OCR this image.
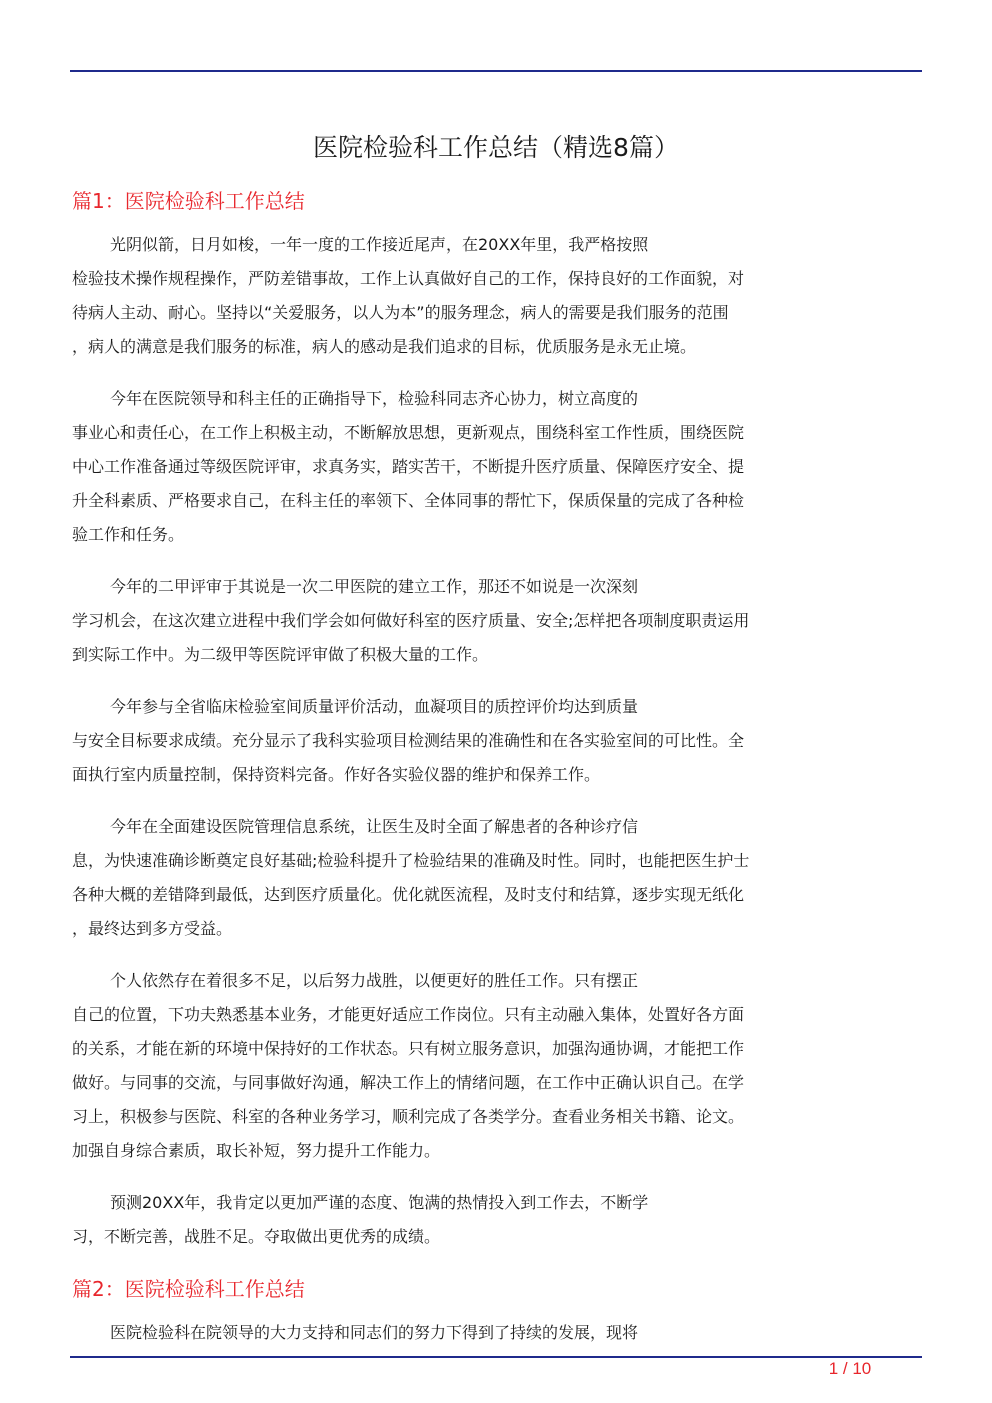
医院检验科工作总结（精选8篇）
篇1：医院检验科工作总结

光阴似箭，日月如梭，一年一度的工作接近尾声，在20XX年里，我严格按照
检验技术操作规程操作，严防差错事故，工作上认真做好自己的工作，保持良好的工作面貌，对
待病人主动、耐心。坚持以“关爱服务，以人为本”的服务理念，病人的需要是我们服务的范围
，病人的满意是我们服务的标准，病人的感动是我们追求的目标，优质服务是永无止境。

今年在医院领导和科主任的正确指导下，检验科同志齐心协力，树立高度的
事业心和责任心，在工作上积极主动，不断解放思想，更新观点，围绕科室工作性质，围绕医院
中心工作准备通过等级医院评审，求真务实，踏实苦干，不断提升医疗质量、保障医疗安全、提
升全科素质、严格要求自己，在科主任的率领下、全体同事的帮忙下，保质保量的完成了各种检
验工作和任务。

今年的二甲评审于其说是一次二甲医院的建立工作，那还不如说是一次深刻
学习机会，在这次建立进程中我们学会如何做好科室的医疗质量、安全;怎样把各项制度职责运用
到实际工作中。为二级甲等医院评审做了积极大量的工作。

今年参与全省临床检验室间质量评价活动，血凝项目的质控评价均达到质量
与安全目标要求成绩。充分显示了我科实验项目检测结果的准确性和在各实验室间的可比性。全
面执行室内质量控制，保持资料完备。作好各实验仪器的维护和保养工作。

今年在全面建设医院管理信息系统，让医生及时全面了解患者的各种诊疗信
息，为快速准确诊断奠定良好基础;检验科提升了检验结果的准确及时性。同时，也能把医生护士
各种大概的差错降到最低，达到医疗质量化。优化就医流程，及时支付和结算，逐步实现无纸化
，最终达到多方受益。

个人依然存在着很多不足，以后努力战胜，以便更好的胜任工作。只有摆正
自己的位置，下功夫熟悉基本业务，才能更好适应工作岗位。只有主动融入集体，处置好各方面
的关系，才能在新的环境中保持好的工作状态。只有树立服务意识，加强沟通协调，才能把工作
做好。与同事的交流，与同事做好沟通，解决工作上的情绪问题，在工作中正确认识自己。在学
习上，积极参与医院、科室的各种业务学习，顺利完成了各类学分。查看业务相关书籍、论文。
加强自身综合素质，取长补短，努力提升工作能力。

预测20XX年，我肯定以更加严谨的态度、饱满的热情投入到工作去，不断学
习，不断完善，战胜不足。夺取做出更优秀的成绩。

篇2：医院检验科工作总结

医院检验科在院领导的大力支持和同志们的努力下得到了持续的发展，现将

1 / 10
